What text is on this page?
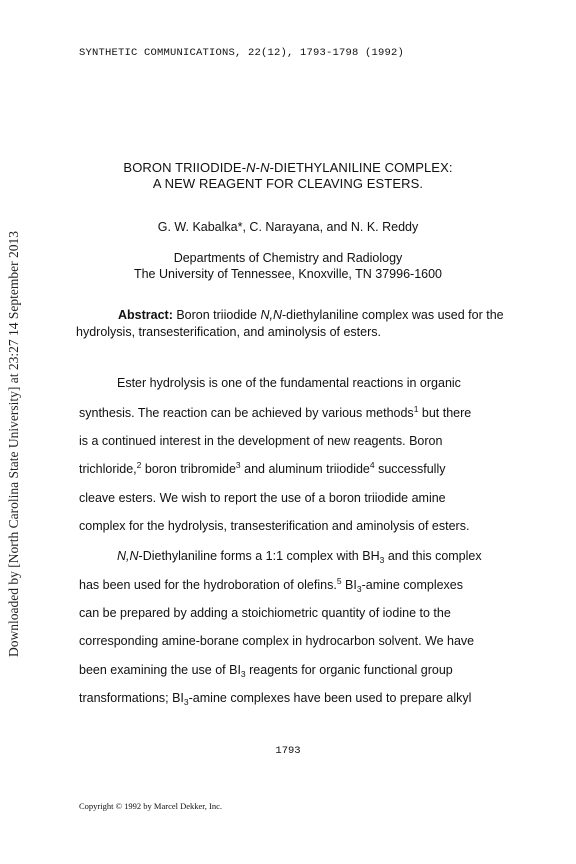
SYNTHETIC COMMUNICATIONS, 22(12), 1793-1798 (1992)
Downloaded by [North Carolina State University] at 23:27 14 September 2013
BORON TRIIODIDE-N-N-DIETHYLANILINE COMPLEX:
A NEW REAGENT FOR CLEAVING ESTERS.
G. W. Kabalka*, C. Narayana, and N. K. Reddy
Departments of Chemistry and Radiology
The University of Tennessee, Knoxville, TN 37996-1600
Abstract: Boron triiodide N,N-diethylaniline complex was used for the hydrolysis, transesterification, and aminolysis of esters.
Ester hydrolysis is one of the fundamental reactions in organic
synthesis. The reaction can be achieved by various methods$^1$ but there
is a continued interest in the development of new reagents. Boron
trichloride,$^2$ boron tribromide$^3$ and aluminum triiodide$^4$ successfully
cleave esters. We wish to report the use of a boron triiodide amine
complex for the hydrolysis, transesterification and aminolysis of esters.
N,N-Diethylaniline forms a 1:1 complex with $BH_3$ and this complex
has been used for the hydroboration of olefins.$^5$ $BI_3$-amine complexes
can be prepared by adding a stoichiometric quantity of iodine to the
corresponding amine-borane complex in hydrocarbon solvent. We have
been examining the use of $BI_3$ reagents for organic functional group
transformations; $BI_3$-amine complexes have been used to prepare alkyl
1793
Copyright © 1992 by Marcel Dekker, Inc.
